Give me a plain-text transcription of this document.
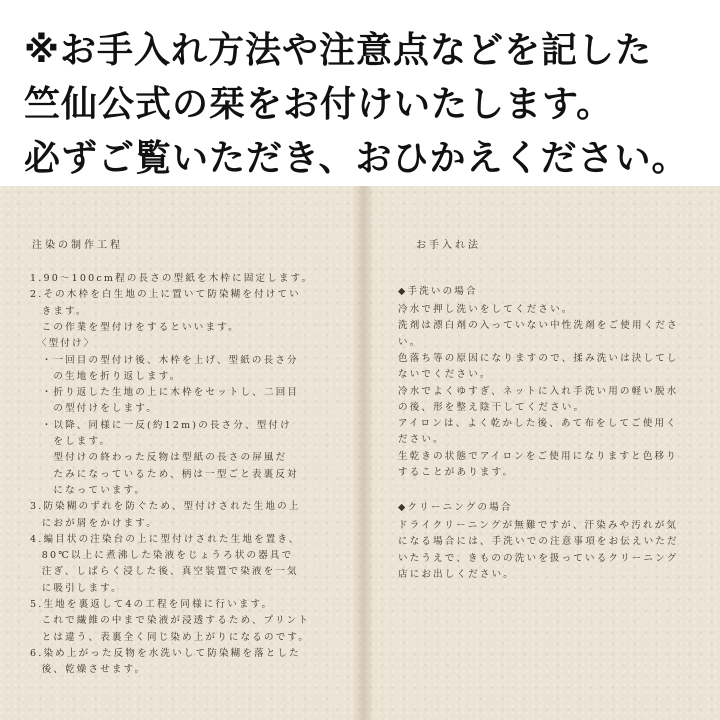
※お手入れ方法や注意点などを記した
竺仙公式の栞をお付けいたします。
必ずご覧いただき、おひかえください。
注染の制作工程
1.90〜100cm程の長さの型紙を木枠に固定します。
2.その木枠を白生地の上に置いて防染糊を付けてい
　きます。
　この作業を型付けをするといいます。
　〈型付け〉
　・一回目の型付け後、木枠を上げ、型紙の長さ分
　　の生地を折り返します。
　・折り返した生地の上に木枠をセットし、二回目
　　の型付けをします。
　・以降、同様に一反(約12m)の長さ分、型付け
　　をします。
　　型付けの終わった反物は型紙の長さの屏風だ
　　たみになっているため、柄は一型ごと表裏反対
　　になっています。
3.防染糊のずれを防ぐため、型付けされた生地の上
　におが屑をかけます。
4.編目状の注染台の上に型付けされた生地を置き、
　80℃以上に煮沸した染液をじょうろ状の器具で
　注ぎ、しばらく浸した後、真空装置で染液を一気
　に吸引します。
5.生地を裏返して4の工程を同様に行います。
　これで繊維の中まで染液が浸透するため、プリント
　とは違う、表裏全く同じ染め上がりになるのです。
6.染め上がった反物を水洗いして防染糊を落とした
　後、乾燥させます。
お手入れ法
◆手洗いの場合
冷水で押し洗いをしてください。
洗剤は漂白剤の入っていない中性洗剤をご使用くださ
い。
色落ち等の原因になりますので、揉み洗いは決してし
ないでください。
冷水でよくゆすぎ、ネットに入れ手洗い用の軽い脱水
の後、形を整え陰干してください。
アイロンは、よく乾かした後、あて布をしてご使用く
ださい。
生乾きの状態でアイロンをご使用になりますと色移り
することがあります。
◆クリーニングの場合
ドライクリーニングが無難ですが、汗染みや汚れが気
になる場合には、手洗いでの注意事項をお伝えいただ
いたうえで、きものの洗いを扱っているクリーニング
店にお出しください。
